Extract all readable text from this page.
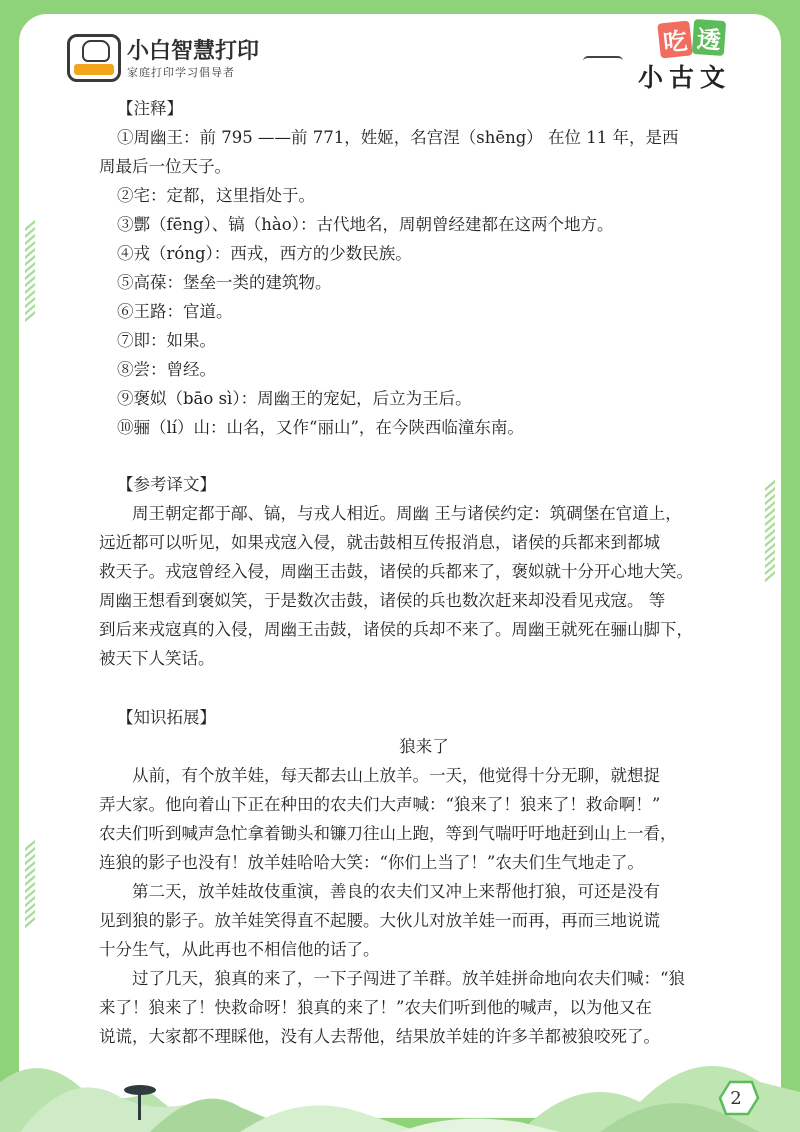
小白智慧打印
家庭打印学习倡导者
吃 透
小古文
【注释】
①周幽王：前 795 ——前 771，姓姬，名宫涅（shēng） 在位 11 年，是西
周最后一位天子。
②宅：定都，这里指处于。
③酆（fēng）、镐（hào）：古代地名，周朝曾经建都在这两个地方。
④戎（róng）：西戎，西方的少数民族。
⑤高葆：堡垒一类的建筑物。
⑥王路：官道。
⑦即：如果。
⑧尝：曾经。
⑨褒姒（bāo sì）：周幽王的宠妃，后立为王后。
⑩骊（lí）山：山名，又作“丽山”，在今陕西临潼东南。
【参考译文】
周王朝定都于鄗、镐，与戎人相近。周幽 王与诸侯约定：筑碉堡在官道上，
远近都可以听见，如果戎寇入侵，就击鼓相互传报消息，诸侯的兵都来到都城
救天子。戎寇曾经入侵，周幽王击鼓，诸侯的兵都来了，褒姒就十分开心地大笑。
周幽王想看到褒姒笑，于是数次击鼓，诸侯的兵也数次赶来却没看见戎寇。 等
到后来戎寇真的入侵，周幽王击鼓，诸侯的兵却不来了。周幽王就死在骊山脚下，
被天下人笑话。
【知识拓展】
狼来了
从前，有个放羊娃，每天都去山上放羊。一天，他觉得十分无聊，就想捉
弄大家。他向着山下正在种田的农夫们大声喊：“狼来了！狼来了！救命啊！”
农夫们听到喊声急忙拿着锄头和镰刀往山上跑，等到气喘吁吁地赶到山上一看，
连狼的影子也没有！放羊娃哈哈大笑：“你们上当了！”农夫们生气地走了。
第二天，放羊娃故伎重演，善良的农夫们又冲上来帮他打狼，可还是没有
见到狼的影子。放羊娃笑得直不起腰。大伙儿对放羊娃一而再，再而三地说谎
十分生气，从此再也不相信他的话了。
过了几天，狼真的来了，一下子闯进了羊群。放羊娃拼命地向农夫们喊：“狼
来了！狼来了！快救命呀！狼真的来了！”农夫们听到他的喊声，以为他又在
说谎，大家都不理睬他，没有人去帮他，结果放羊娃的许多羊都被狼咬死了。
2
